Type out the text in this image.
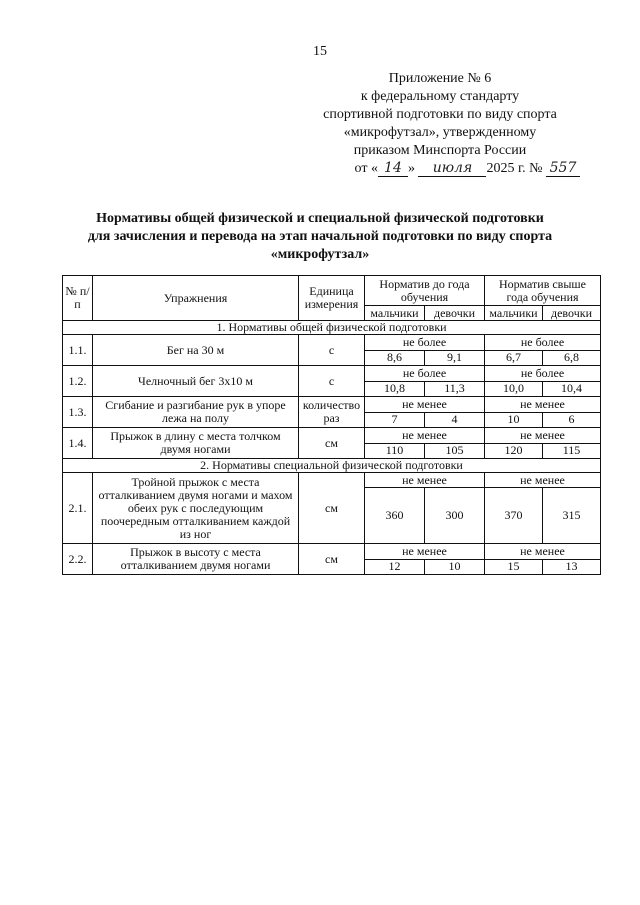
15
Приложение № 6
к федеральному стандарту
спортивной подготовки по виду спорта
«микрофутзал», утвержденному
приказом Минспорта России
от « 14 » июля 2025 г. № 557
Нормативы общей физической и специальной физической подготовки
для зачисления и перевода на этап начальной подготовки по виду спорта
«микрофутзал»
№ п/п	Упражнения	Единица измерения	Норматив до года обучения		Норматив свыше года обучения	
			мальчики	девочки	мальчики	девочки
1. Нормативы общей физической подготовки						
1.1.	Бег на 30 м	с	не более		не более	
			8,6	9,1	6,7	6,8
1.2.	Челночный бег 3x10 м	с	не более		не более	
			10,8	11,3	10,0	10,4
1.3.	Сгибание и разгибание рук в упоре лежа на полу	количество раз	не менее		не менее	
			7	4	10	6
1.4.	Прыжок в длину с места толчком двумя ногами	см	не менее		не менее	
			110	105	120	115
2. Нормативы специальной физической подготовки						
2.1.	Тройной прыжок с места отталкиванием двумя ногами и махом обеих рук с последующим поочередным отталкиванием каждой из ног	см	не менее		не менее	
			360	300	370	315
2.2.	Прыжок в высоту с места отталкиванием двумя ногами	см	не менее		не менее	
			12	10	15	13
